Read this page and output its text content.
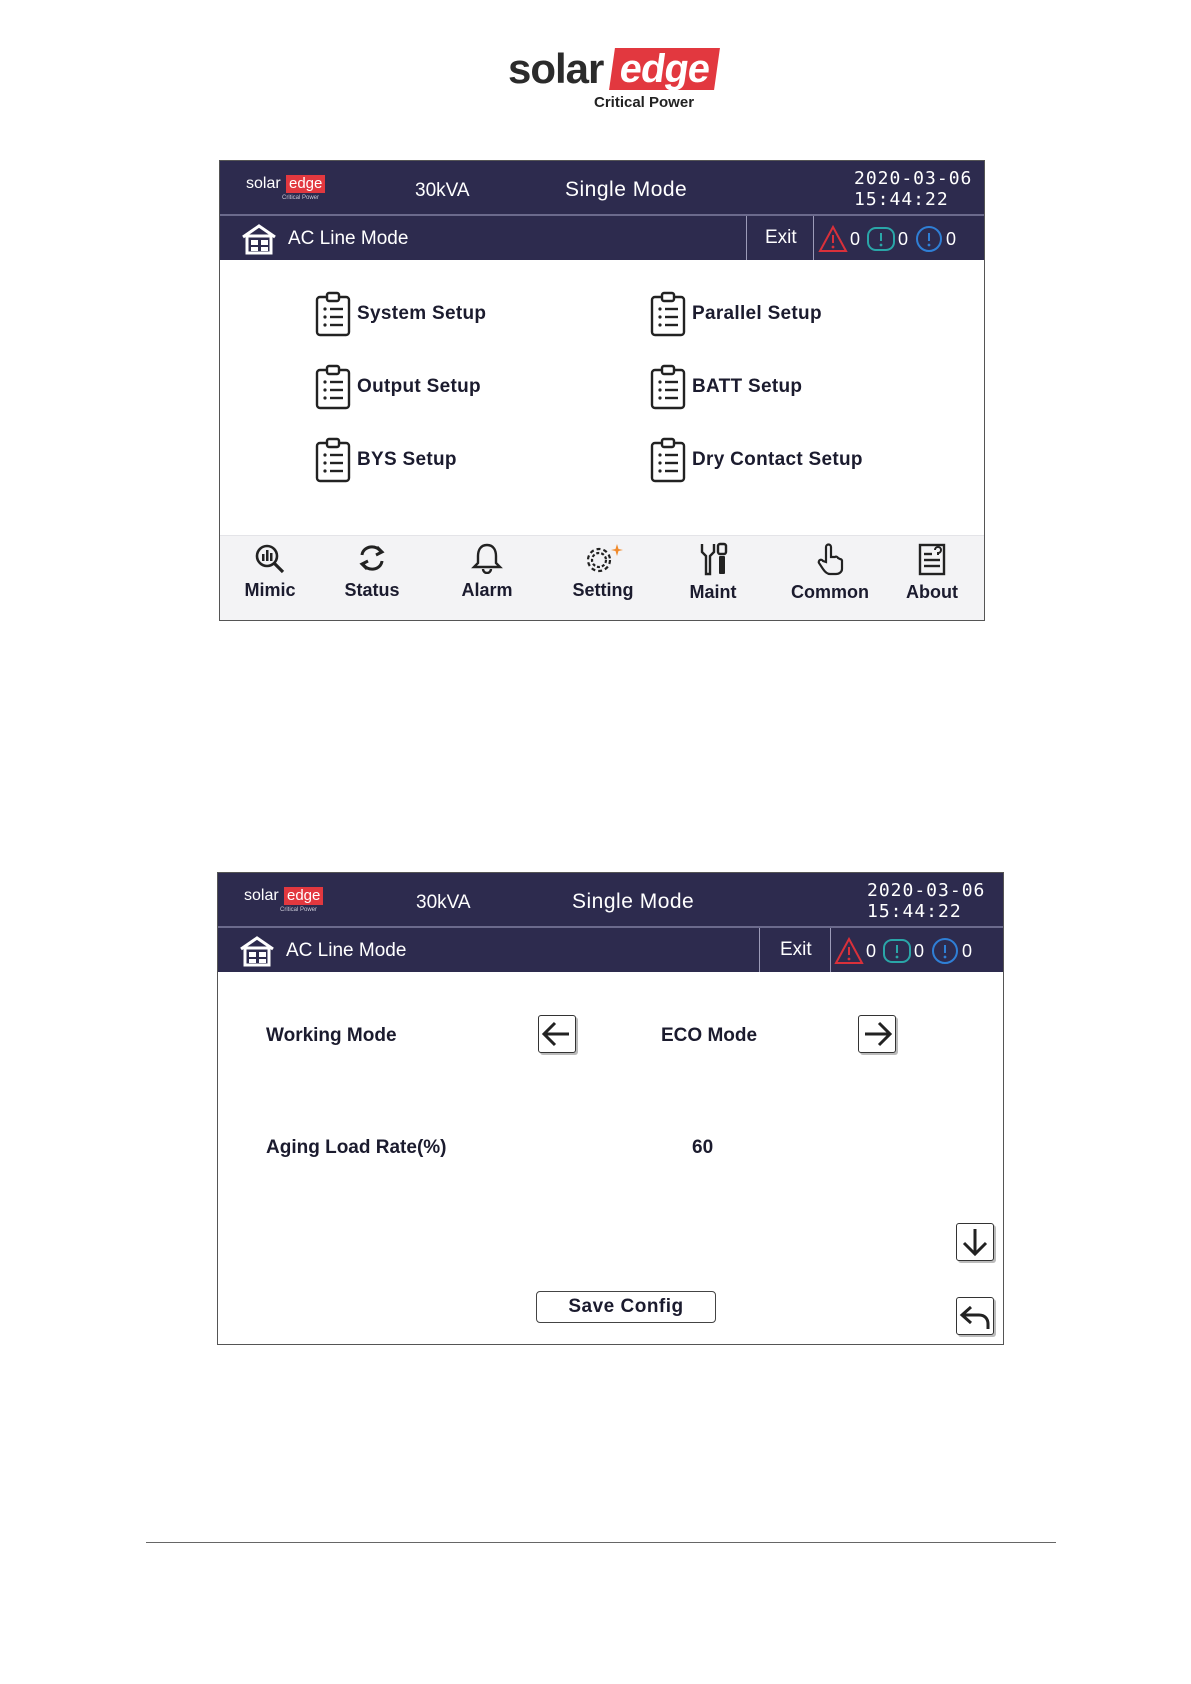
solar edge
Critical Power
solar edge
Critical Power	30kVA	Single Mode	2020-03-06
15:44:22
AC Line Mode	Exit	0 0 0
System Setup	Parallel Setup
Output Setup	BATT Setup
BYS Setup	Dry Contact Setup
Mimic	Status	Alarm	Setting	Maint	Common	About
solar edge
Critical Power	30kVA	Single Mode	2020-03-06
15:44:22
AC Line Mode	Exit	0 0 0
Working Mode	ECO Mode
Aging Load Rate(%)	60
Save Config
